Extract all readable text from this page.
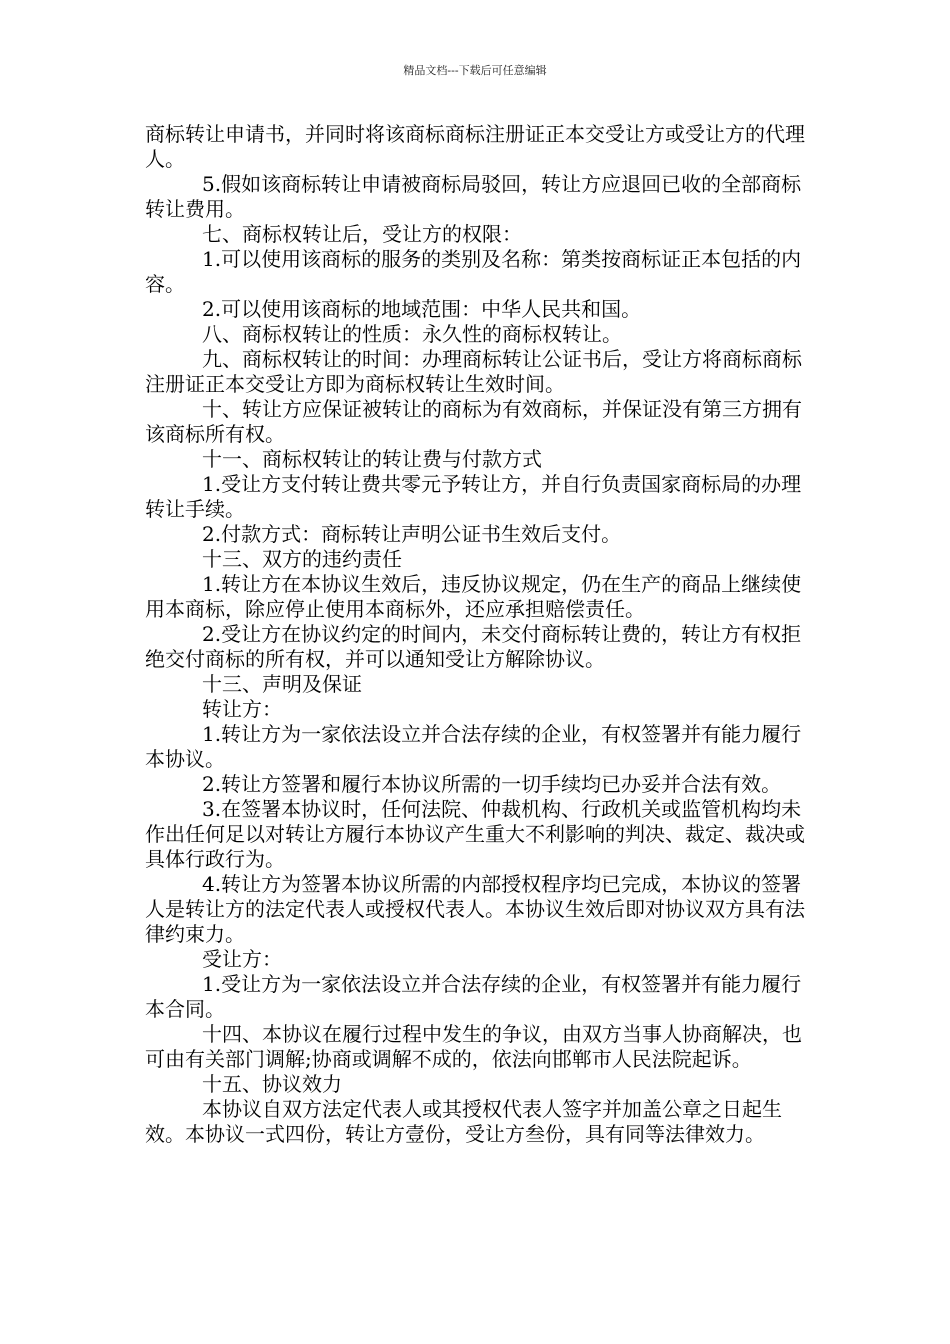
精品文档---下载后可任意编辑

商标转让申请书，并同时将该商标商标注册证正本交受让方或受让方的代理人。

5.假如该商标转让申请被商标局驳回，转让方应退回已收的全部商标转让费用。

七、商标权转让后，受让方的权限：

1.可以使用该商标的服务的类别及名称：第类按商标证正本包括的内容。

2.可以使用该商标的地域范围：中华人民共和国。

八、商标权转让的性质：永久性的商标权转让。

九、商标权转让的时间：办理商标转让公证书后，受让方将商标商标注册证正本交受让方即为商标权转让生效时间。

十、转让方应保证被转让的商标为有效商标，并保证没有第三方拥有该商标所有权。

十一、商标权转让的转让费与付款方式

1.受让方支付转让费共零元予转让方，并自行负责国家商标局的办理转让手续。

2.付款方式：商标转让声明公证书生效后支付。

十三、双方的违约责任

1.转让方在本协议生效后，违反协议规定，仍在生产的商品上继续使用本商标，除应停止使用本商标外，还应承担赔偿责任。

2.受让方在协议约定的时间内，未交付商标转让费的，转让方有权拒绝交付商标的所有权，并可以通知受让方解除协议。

十三、声明及保证

转让方：

1.转让方为一家依法设立并合法存续的企业，有权签署并有能力履行本协议。

2.转让方签署和履行本协议所需的一切手续均已办妥并合法有效。

3.在签署本协议时，任何法院、仲裁机构、行政机关或监管机构均未作出任何足以对转让方履行本协议产生重大不利影响的判决、裁定、裁决或具体行政行为。

4.转让方为签署本协议所需的内部授权程序均已完成，本协议的签署人是转让方的法定代表人或授权代表人。本协议生效后即对协议双方具有法律约束力。

受让方：

1.受让方为一家依法设立并合法存续的企业，有权签署并有能力履行本合同。

十四、本协议在履行过程中发生的争议，由双方当事人协商解决，也可由有关部门调解;协商或调解不成的，依法向邯郸市人民法院起诉。

十五、协议效力

本协议自双方法定代表人或其授权代表人签字并加盖公章之日起生效。本协议一式四份，转让方壹份，受让方叁份，具有同等法律效力。
